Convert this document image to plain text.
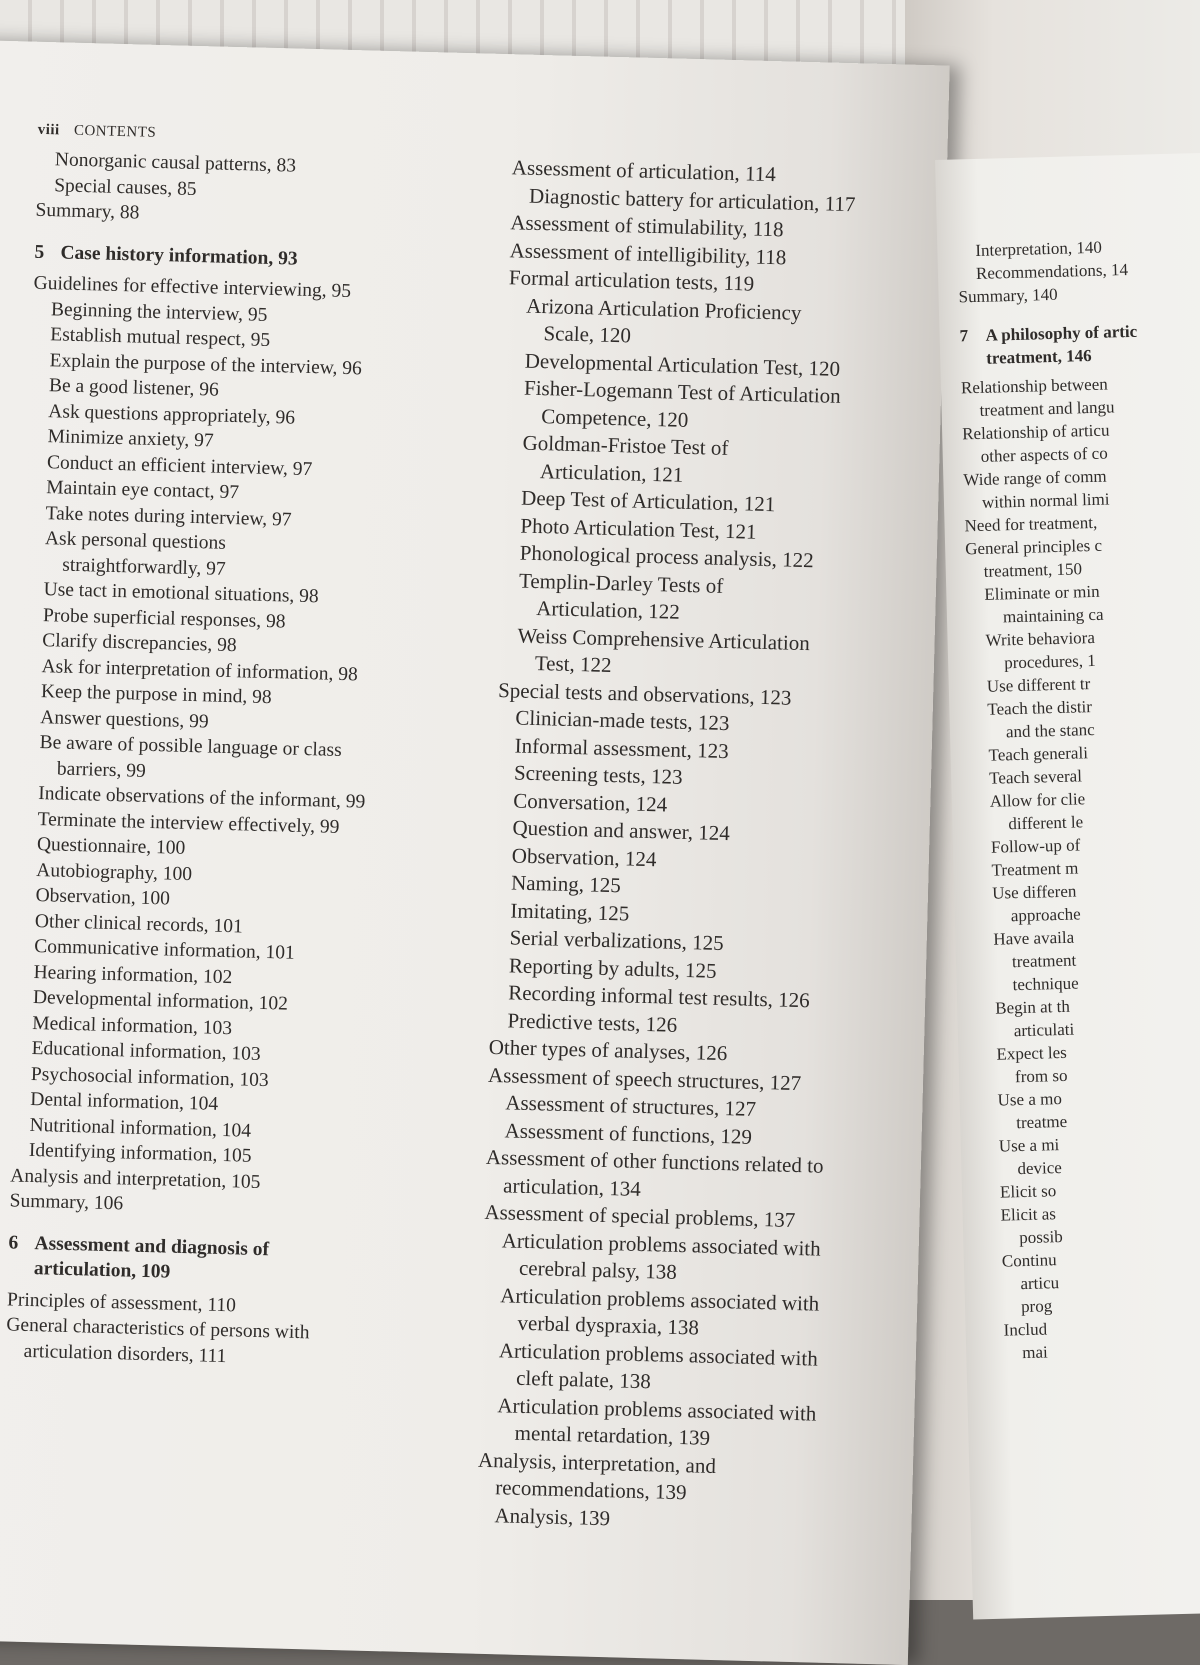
viii CONTENTS
Nonorganic causal patterns, 83
Special causes, 85
Summary, 88
5 Case history information, 93
Guidelines for effective interviewing, 95
Beginning the interview, 95
Establish mutual respect, 95
Explain the purpose of the interview, 96
Be a good listener, 96
Ask questions appropriately, 96
Minimize anxiety, 97
Conduct an efficient interview, 97
Maintain eye contact, 97
Take notes during interview, 97
Ask personal questions
straightforwardly, 97
Use tact in emotional situations, 98
Probe superficial responses, 98
Clarify discrepancies, 98
Ask for interpretation of information, 98
Keep the purpose in mind, 98
Answer questions, 99
Be aware of possible language or class
barriers, 99
Indicate observations of the informant, 99
Terminate the interview effectively, 99
Questionnaire, 100
Autobiography, 100
Observation, 100
Other clinical records, 101
Communicative information, 101
Hearing information, 102
Developmental information, 102
Medical information, 103
Educational information, 103
Psychosocial information, 103
Dental information, 104
Nutritional information, 104
Identifying information, 105
Analysis and interpretation, 105
Summary, 106
6 Assessment and diagnosis of
articulation, 109
Principles of assessment, 110
General characteristics of persons with
articulation disorders, 111
Assessment of articulation, 114
Diagnostic battery for articulation, 117
Assessment of stimulability, 118
Assessment of intelligibility, 118
Formal articulation tests, 119
Arizona Articulation Proficiency
Scale, 120
Developmental Articulation Test, 120
Fisher-Logemann Test of Articulation
Competence, 120
Goldman-Fristoe Test of
Articulation, 121
Deep Test of Articulation, 121
Photo Articulation Test, 121
Phonological process analysis, 122
Templin-Darley Tests of
Articulation, 122
Weiss Comprehensive Articulation
Test, 122
Special tests and observations, 123
Clinician-made tests, 123
Informal assessment, 123
Screening tests, 123
Conversation, 124
Question and answer, 124
Observation, 124
Naming, 125
Imitating, 125
Serial verbalizations, 125
Reporting by adults, 125
Recording informal test results, 126
Predictive tests, 126
Other types of analyses, 126
Assessment of speech structures, 127
Assessment of structures, 127
Assessment of functions, 129
Assessment of other functions related to
articulation, 134
Assessment of special problems, 137
Articulation problems associated with
cerebral palsy, 138
Articulation problems associated with
verbal dyspraxia, 138
Articulation problems associated with
cleft palate, 138
Articulation problems associated with
mental retardation, 139
Analysis, interpretation, and
recommendations, 139
Analysis, 139
Interpretation, 140
Recommendations, 14
Summary, 140
7 A philosophy of artic
treatment, 146
Relationship between
treatment and langu
Relationship of articu
other aspects of co
Wide range of comm
within normal limi
Need for treatment,
General principles c
treatment, 150
Eliminate or min
maintaining ca
Write behaviora
procedures, 1
Use different tr
Teach the distir
and the stanc
Teach generali
Teach several
Allow for clie
different le
Follow-up of
Treatment m
Use differen
approache
Have availa
treatment
technique
Begin at th
articulati
Expect les
from so
Use a mo
treatme
Use a mi
device
Elicit so
Elicit as
possib
Continu
articu
prog
Includ
mai
